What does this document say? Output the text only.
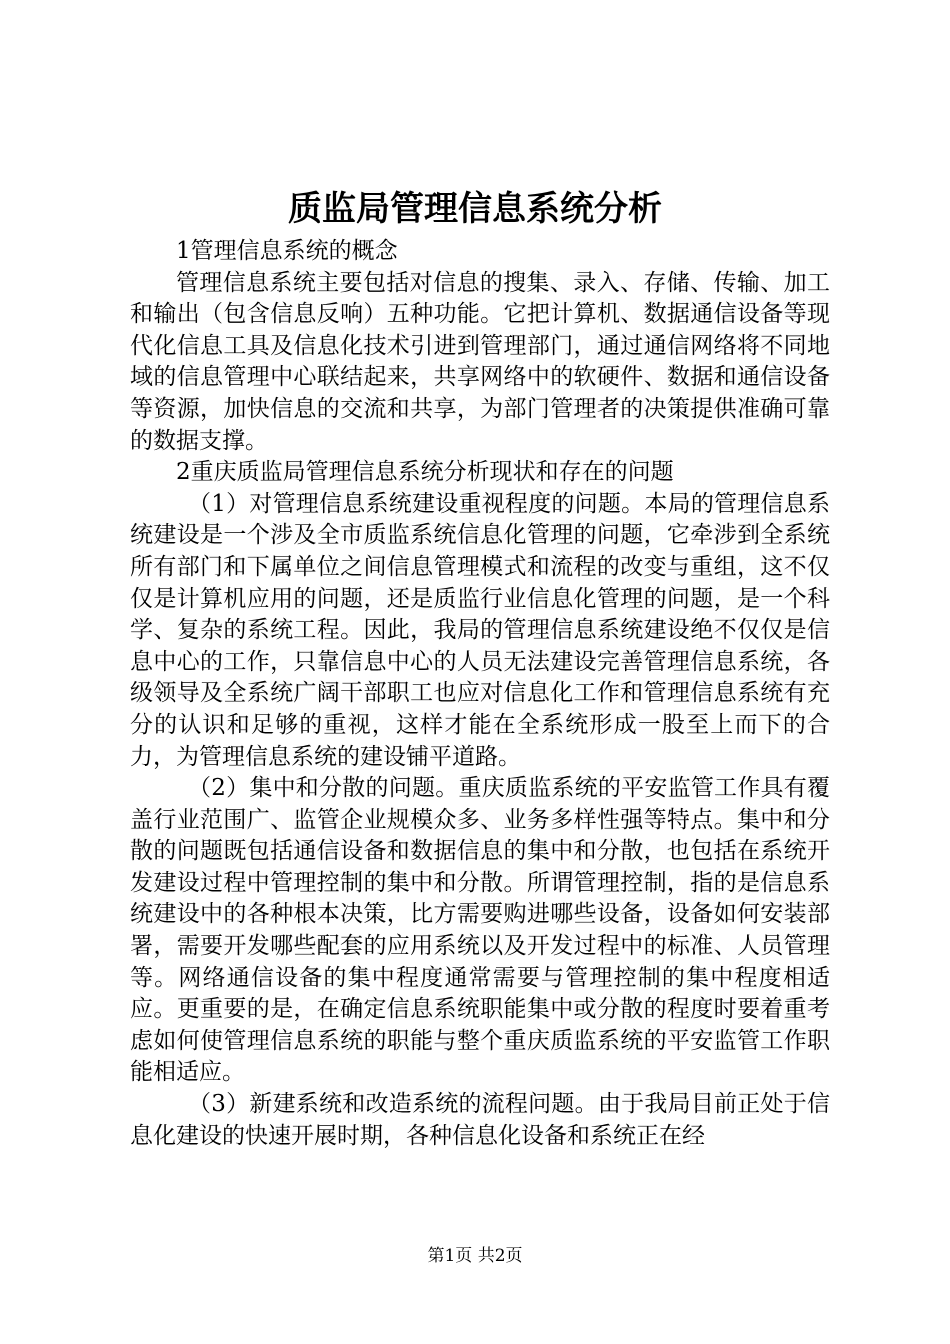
质监局管理信息系统分析

1管理信息系统的概念

管理信息系统主要包括对信息的搜集、录入、存储、传输、加工和输出（包含信息反响）五种功能。它把计算机、数据通信设备等现代化信息工具及信息化技术引进到管理部门，通过通信网络将不同地域的信息管理中心联结起来，共享网络中的软硬件、数据和通信设备等资源，加快信息的交流和共享，为部门管理者的决策提供准确可靠的数据支撑。

2重庆质监局管理信息系统分析现状和存在的问题

（1）对管理信息系统建设重视程度的问题。本局的管理信息系统建设是一个涉及全市质监系统信息化管理的问题，它牵涉到全系统所有部门和下属单位之间信息管理模式和流程的改变与重组，这不仅仅是计算机应用的问题，还是质监行业信息化管理的问题，是一个科学、复杂的系统工程。因此，我局的管理信息系统建设绝不仅仅是信息中心的工作，只靠信息中心的人员无法建设完善管理信息系统，各级领导及全系统广阔干部职工也应对信息化工作和管理信息系统有充分的认识和足够的重视，这样才能在全系统形成一股至上而下的合力，为管理信息系统的建设铺平道路。

（2）集中和分散的问题。重庆质监系统的平安监管工作具有覆盖行业范围广、监管企业规模众多、业务多样性强等特点。集中和分散的问题既包括通信设备和数据信息的集中和分散，也包括在系统开发建设过程中管理控制的集中和分散。所谓管理控制，指的是信息系统建设中的各种根本决策，比方需要购进哪些设备，设备如何安装部署，需要开发哪些配套的应用系统以及开发过程中的标准、人员管理等。网络通信设备的集中程度通常需要与管理控制的集中程度相适应。更重要的是，在确定信息系统职能集中或分散的程度时要着重考虑如何使管理信息系统的职能与整个重庆质监系统的平安监管工作职能相适应。

（3）新建系统和改造系统的流程问题。由于我局目前正处于信息化建设的快速开展时期，各种信息化设备和系统正在经

第1页 共2页
